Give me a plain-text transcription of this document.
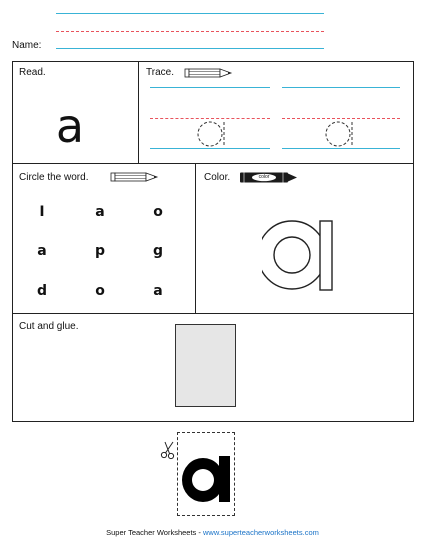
Name:
Read.
a
Trace.
Circle the word.
I	a	o
a	p	g
d	o	a
Color.	color
Cut and glue.
Super Teacher Worksheets - www.superteacherworksheets.com
